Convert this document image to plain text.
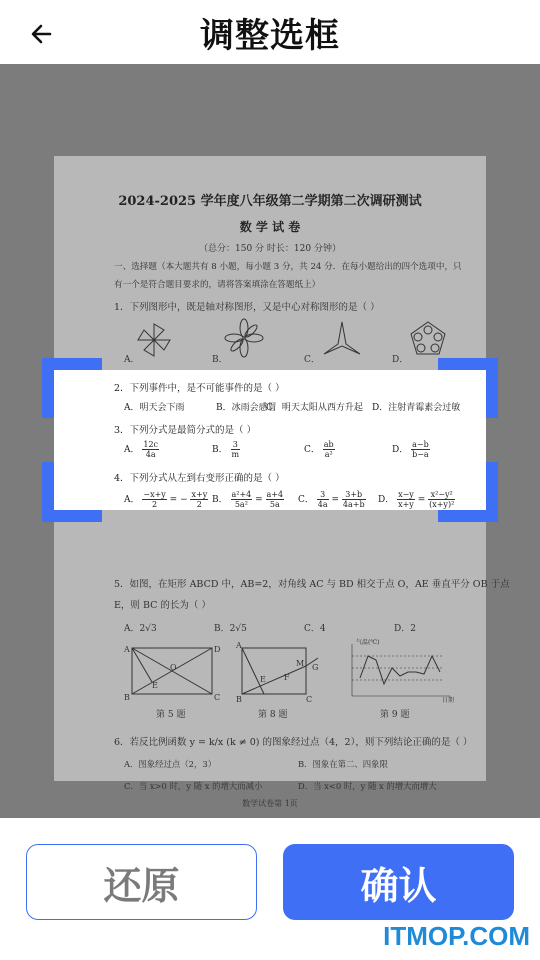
调整选框
2024-2025 学年度八年级第二学期第二次调研测试
数 学 试 卷
（总分：150 分 时长：120 分钟）
一、选择题（本大题共有 8 小题，每小题 3 分，共 24 分．在每小题给出的四个选项中，只
有一个是符合题目要求的，请将答案填涂在答题纸上）
1．下列图形中，既是轴对称图形，又是中心对称图形的是（ ）
A．	B．	C．	D．
5．如图，在矩形 ABCD 中，AB=2，对角线 AC 与 BD 相交于点 O，AE 垂直平分 OB 于点
E，则 BC 的长为（ ）
A．2√3	B．2√5	C．4	D．2
A	D
B	C
O
E
A
B	C
M G
E F
气温(℃)
日期
第 5 题	第 8 题	第 9 题
6．若反比例函数 y = k/x (k ≠ 0) 的图象经过点（4，2），则下列结论正确的是（ ）
A．图象经过点（2，3）	B．图象在第二、四象限
C．当 x>0 时，y 随 x 的增大而减小	D．当 x<0 时，y 随 x 的增大而增大
数学试卷第 1页
2．下列事件中，是不可能事件的是（ ）
A．明天会下雨	B．冰雨会感冒
C．明天太阳从西方升起 D．注射青霉素会过敏
3．下列分式是最简分式的是（ ）
A． $\frac{12c}{4a}$	B． $\frac{3}{m}$	C． $\frac{ab}{\text{a²}}$	D． $\frac{a-b}{b-a}$
4．下列分式从左到右变形正确的是（ ）
A． $\frac{-x+y}{2}$ = − $\frac{x+y}{2}$ B． $\frac{\text{a²+4}}{\text{5a²}} = \frac{a+4}{5a}$ C． $\frac{3}{4a} = \frac{3+b}{4a+b}$ D． $\frac{x-y}{x+y} = \frac{\text{x²−y²}}{\text{(x+y)²}}$
还原	确认
ITMOP.COM
